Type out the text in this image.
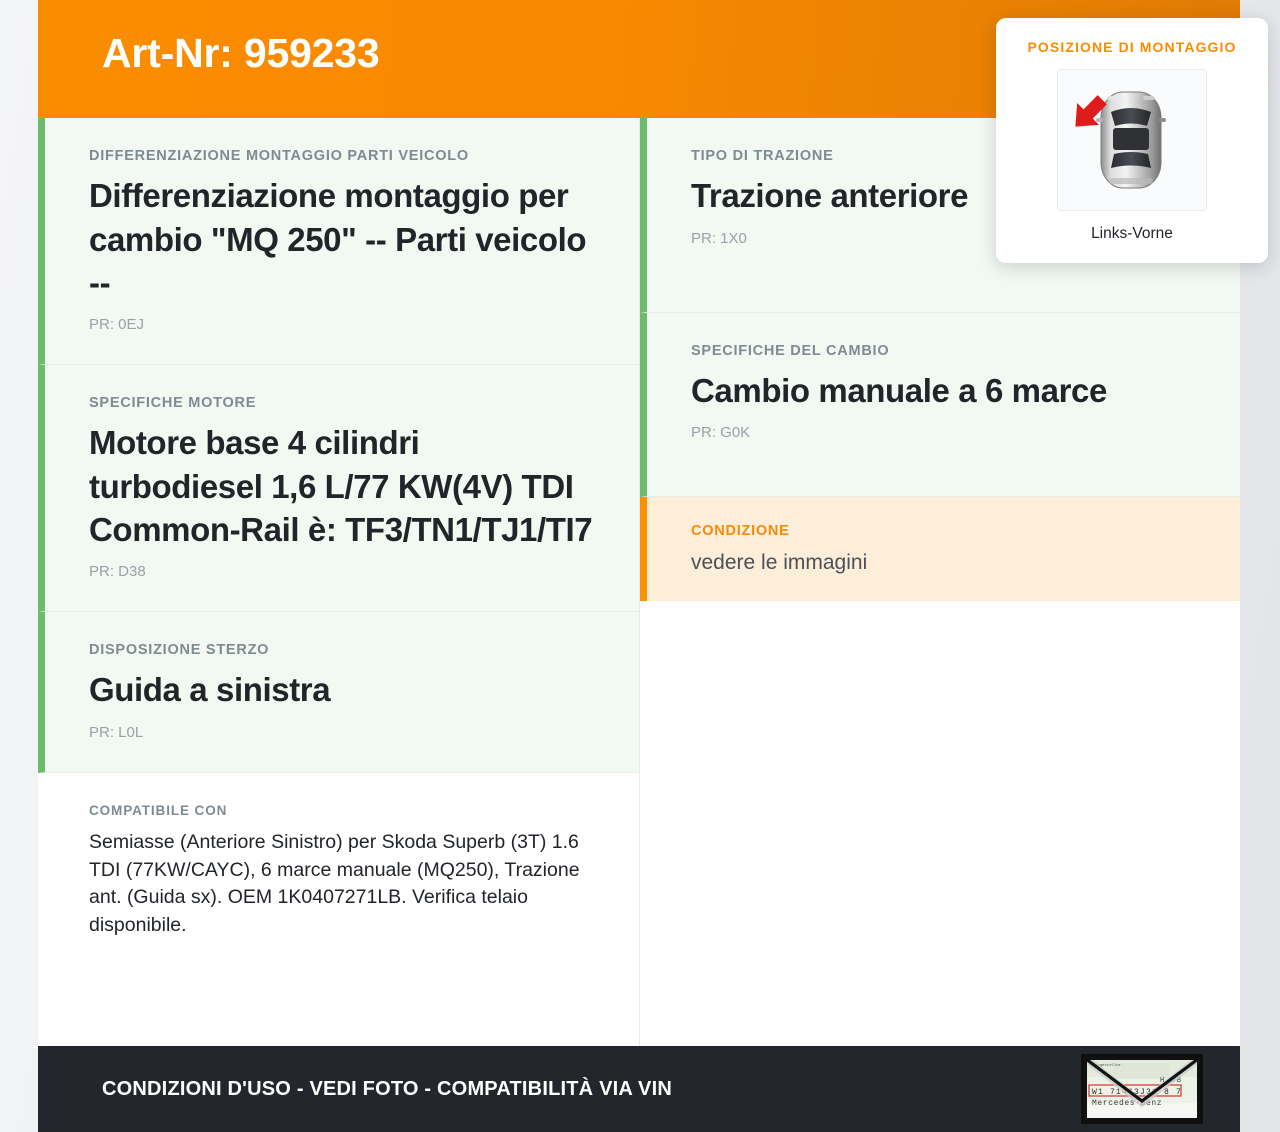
Art-Nr: 959233
DIFFERENZIAZIONE MONTAGGIO PARTI VEICOLO
Differenziazione montaggio per cambio "MQ 250" -- Parti veicolo --
PR: 0EJ
SPECIFICHE MOTORE
Motore base 4 cilindri turbodiesel 1,6 L/77 KW(4V) TDI Common-Rail è: TF3/TN1/TJ1/TI7
PR: D38
DISPOSIZIONE STERZO
Guida a sinistra
PR: L0L
COMPATIBILE CON
Semiasse (Anteriore Sinistro) per Skoda Superb (3T) 1.6 TDI (77KW/CAYC), 6 marce manuale (MQ250), Trazione ant. (Guida sx). OEM 1K0407271LB. Verifica telaio disponibile.
TIPO DI TRAZIONE
Trazione anteriore
PR: 1X0
SPECIFICHE DEL CAMBIO
Cambio manuale a 6 marce
PR: G0K
CONDIZIONE
vedere le immagini
POSIZIONE DI MONTAGGIO
Links-Vorne
CONDIZIONI D'USO - VEDI FOTO - COMPATIBILITÀ VIA VIN
Fahrgestellnr.
H A/B
W1 71463J31 8 7
Mercedes-Benz
